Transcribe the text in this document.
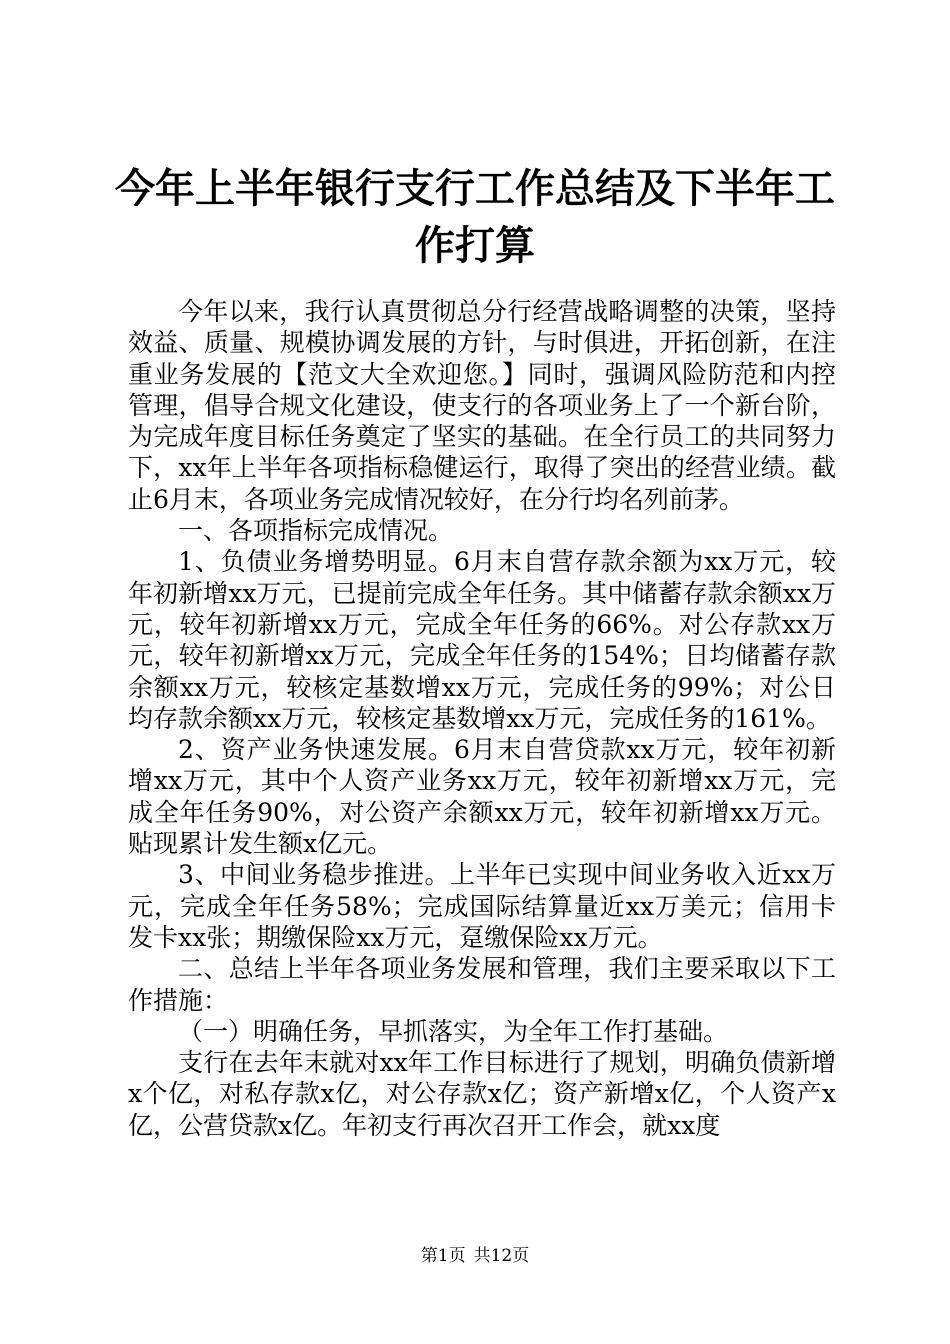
今年上半年银行支行工作总结及下半年工作打算

今年以来，我行认真贯彻总分行经营战略调整的决策，坚持效益、质量、规模协调发展的方针，与时俱进，开拓创新，在注重业务发展的【范文大全欢迎您。】同时，强调风险防范和内控管理，倡导合规文化建设，使支行的各项业务上了一个新台阶，为完成年度目标任务奠定了坚实的基础。在全行员工的共同努力下，xx年上半年各项指标稳健运行，取得了突出的经营业绩。截止6月末，各项业务完成情况较好，在分行均名列前茅。

一、各项指标完成情况。

1、负债业务增势明显。6月末自营存款余额为xx万元，较年初新增xx万元，已提前完成全年任务。其中储蓄存款余额xx万元，较年初新增xx万元，完成全年任务的66%。对公存款xx万元，较年初新增xx万元，完成全年任务的154%；日均储蓄存款余额xx万元，较核定基数增xx万元，完成任务的99%；对公日均存款余额xx万元，较核定基数增xx万元，完成任务的161%。

2、资产业务快速发展。6月末自营贷款xx万元，较年初新增xx万元，其中个人资产业务xx万元，较年初新增xx万元，完成全年任务90%，对公资产余额xx万元，较年初新增xx万元。贴现累计发生额x亿元。

3、中间业务稳步推进。上半年已实现中间业务收入近xx万元，完成全年任务58%；完成国际结算量近xx万美元；信用卡发卡xx张；期缴保险xx万元，趸缴保险xx万元。

二、总结上半年各项业务发展和管理，我们主要采取以下工作措施：

（一）明确任务，早抓落实，为全年工作打基础。

支行在去年末就对xx年工作目标进行了规划，明确负债新增x个亿，对私存款x亿，对公存款x亿；资产新增x亿，个人资产x亿，公营贷款x亿。年初支行再次召开工作会，就xx度

第1页 共12页
